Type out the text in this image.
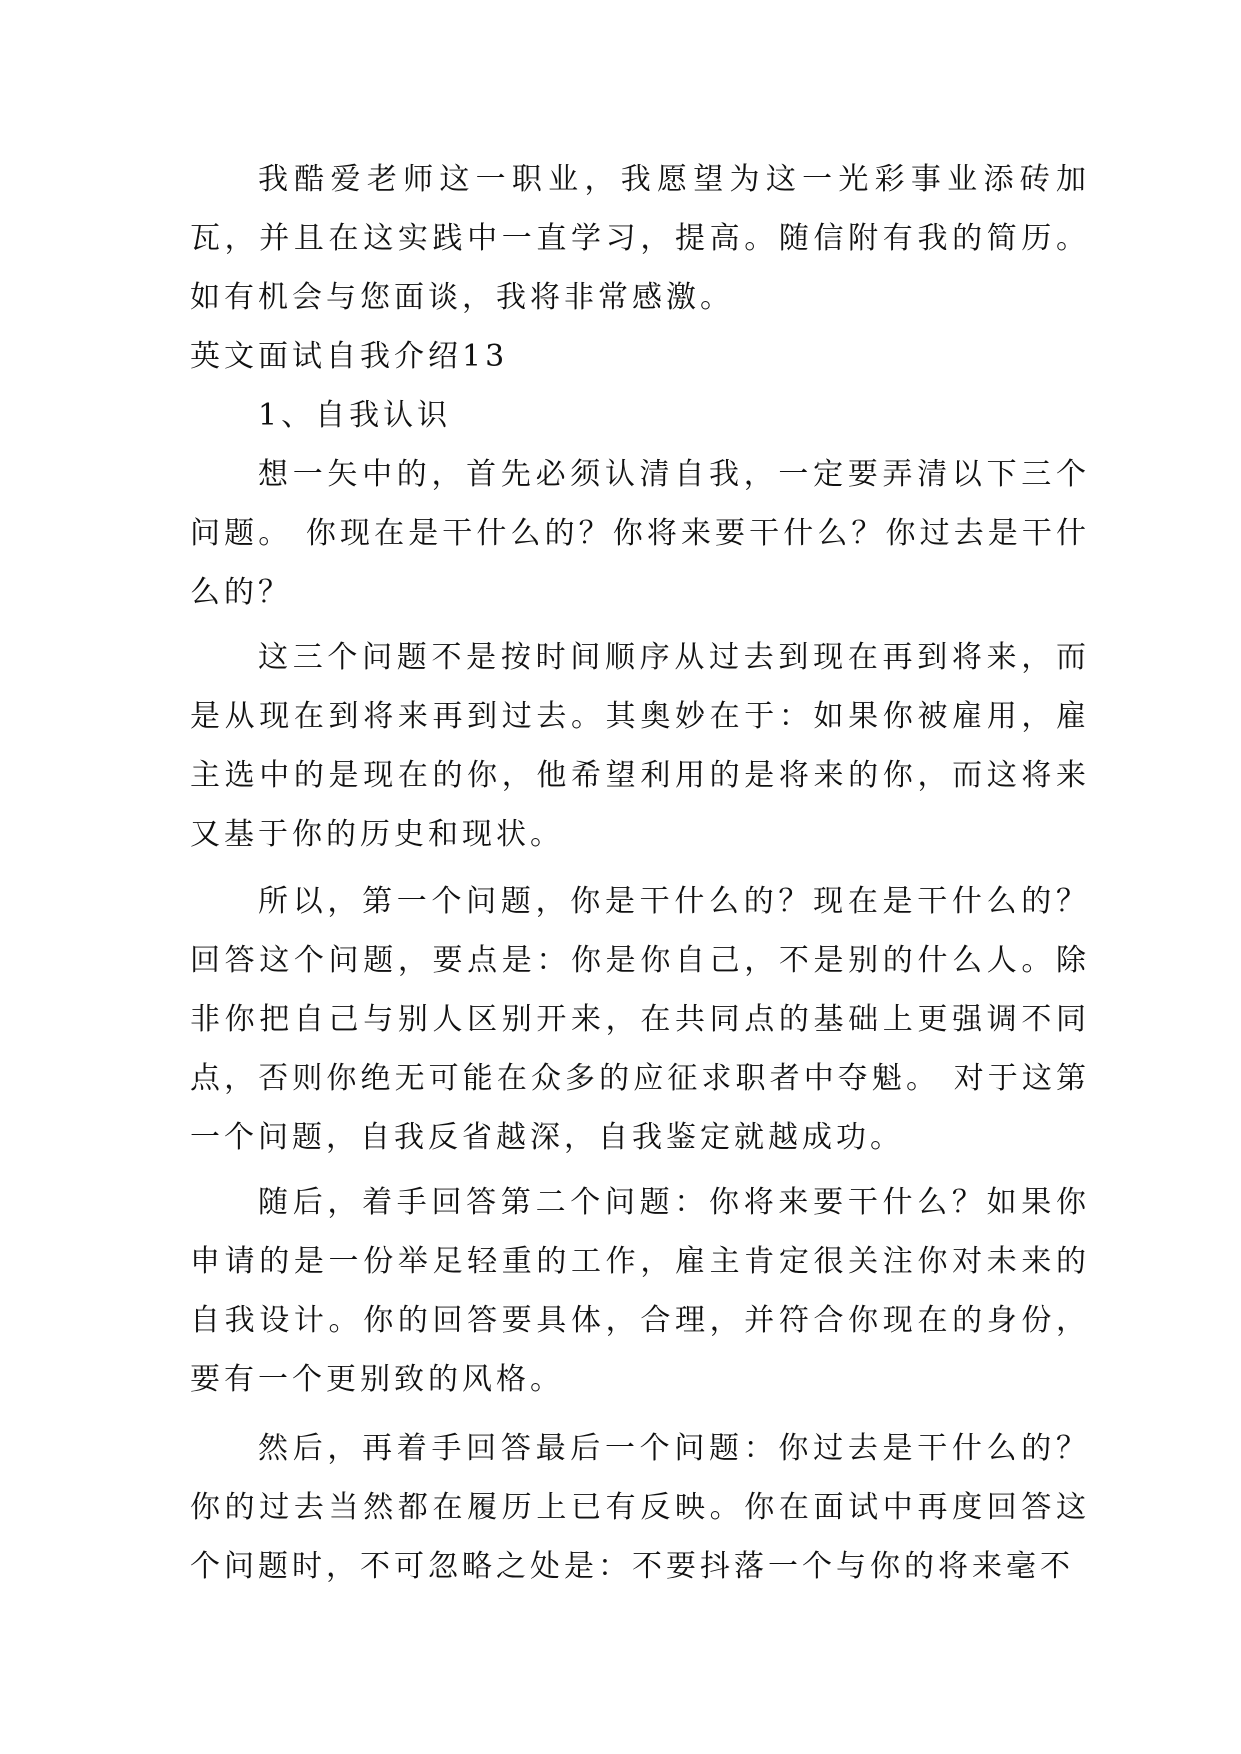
我酷爱老师这一职业，我愿望为这一光彩事业添砖加瓦，并且在这实践中一直学习，提高。随信附有我的简历。如有机会与您面谈，我将非常感激。

英文面试自我介绍13

1、自我认识

想一矢中的，首先必须认清自我，一定要弄清以下三个问题。 你现在是干什么的？你将来要干什么？你过去是干什么的？

这三个问题不是按时间顺序从过去到现在再到将来，而是从现在到将来再到过去。其奥妙在于：如果你被雇用，雇主选中的是现在的你，他希望利用的是将来的你，而这将来又基于你的历史和现状。

所以，第一个问题，你是干什么的？现在是干什么的？回答这个问题，要点是：你是你自己，不是别的什么人。除非你把自己与别人区别开来，在共同点的基础上更强调不同点，否则你绝无可能在众多的应征求职者中夺魁。 对于这第一个问题，自我反省越深，自我鉴定就越成功。

随后，着手回答第二个问题：你将来要干什么？如果你申请的是一份举足轻重的工作，雇主肯定很关注你对未来的自我设计。你的回答要具体，合理，并符合你现在的身份，要有一个更别致的风格。

然后，再着手回答最后一个问题：你过去是干什么的？你的过去当然都在履历上已有反映。你在面试中再度回答这个问题时，不可忽略之处是：不要抖落一个与你的将来毫不
